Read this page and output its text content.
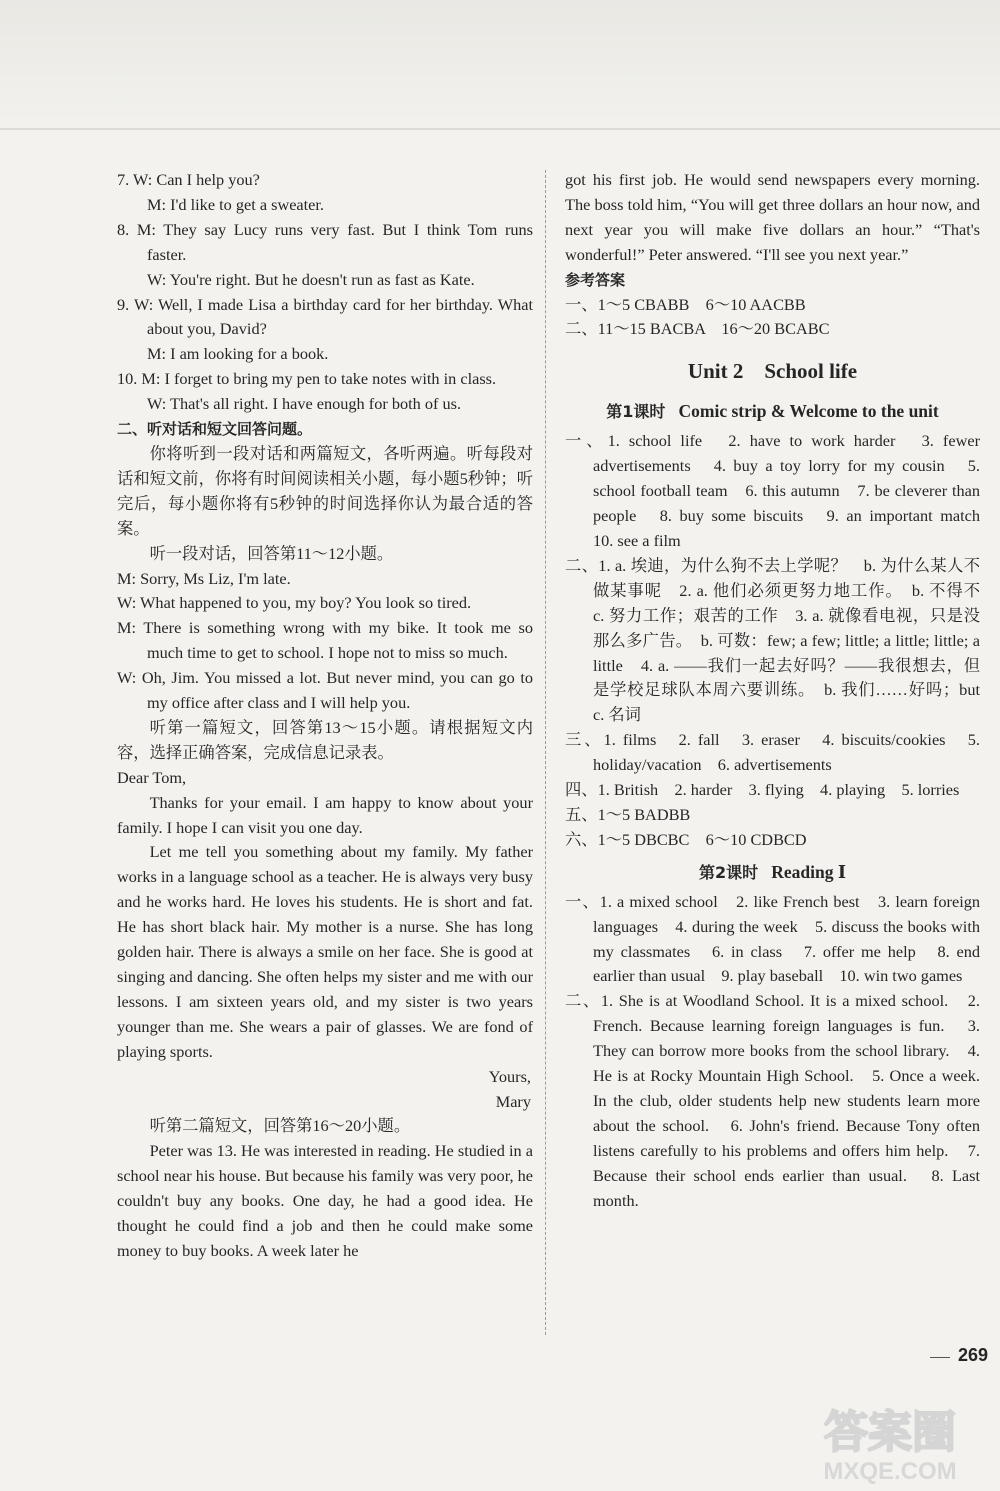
7. W: Can I help you?

M: I'd like to get a sweater.

8. M: They say Lucy runs very fast. But I think Tom runs faster.

W: You're right. But he doesn't run as fast as Kate.

9. W: Well, I made Lisa a birthday card for her birthday. What about you, David?

M: I am looking for a book.

10. M: I forget to bring my pen to take notes with in class.

W: That's all right. I have enough for both of us.

二、听对话和短文回答问题。

你将听到一段对话和两篇短文，各听两遍。听每段对话和短文前，你将有时间阅读相关小题，每小题5秒钟；听完后，每小题你将有5秒钟的时间选择你认为最合适的答案。

听一段对话，回答第11～12小题。

M: Sorry, Ms Liz, I'm late.

W: What happened to you, my boy? You look so tired.

M: There is something wrong with my bike. It took me so much time to get to school. I hope not to miss so much.

W: Oh, Jim. You missed a lot. But never mind, you can go to my office after class and I will help you.

听第一篇短文，回答第13～15小题。请根据短文内容，选择正确答案，完成信息记录表。

Dear Tom,

Thanks for your email. I am happy to know about your family. I hope I can visit you one day.

Let me tell you something about my family. My father works in a language school as a teacher. He is always very busy and he works hard. He loves his students. He is short and fat. He has short black hair. My mother is a nurse. She has long golden hair. There is always a smile on her face. She is good at singing and dancing. She often helps my sister and me with our lessons. I am sixteen years old, and my sister is two years younger than me. She wears a pair of glasses. We are fond of playing sports.

Yours,

Mary

听第二篇短文，回答第16～20小题。

Peter was 13. He was interested in reading. He studied in a school near his house. But because his family was very poor, he couldn't buy any books. One day, he had a good idea. He thought he could find a job and then he could make some money to buy books. A week later he

got his first job. He would send newspapers every morning. The boss told him, “You will get three dollars an hour now, and next year you will make five dollars an hour.” “That's wonderful!” Peter answered. “I'll see you next year.”

参考答案

一、1～5 CBABB　6～10 AACBB

二、11～15 BACBA　16～20 BCABC

Unit 2　School life

第1课时 Comic strip & Welcome to the unit

一、1. school life　2. have to work harder　3. fewer advertisements　4. buy a toy lorry for my cousin　5. school football team　6. this autumn　7. be cleverer than people　8. buy some biscuits　9. an important match　10. see a film

二、1. a. 埃迪，为什么狗不去上学呢？　b. 为什么某人不做某事呢　2. a. 他们必须更努力地工作。　b. 不得不　c. 努力工作；艰苦的工作　3. a. 就像看电视，只是没那么多广告。　b. 可数：few; a few; little; a little; little; a little　4. a. ——我们一起去好吗？——我很想去，但是学校足球队本周六要训练。　b. 我们……好吗；but　c. 名词

三、1. films　2. fall　3. eraser　4. biscuits/cookies　5. holiday/vacation　6. advertisements

四、1. British　2. harder　3. flying　4. playing　5. lorries

五、1～5 BADBB

六、1～5 DBCBC　6～10 CDBCD

第2课时 Reading Ⅰ

一、1. a mixed school　2. like French best　3. learn foreign languages　4. during the week　5. discuss the books with my classmates　6. in class　7. offer me help　8. end earlier than usual　9. play baseball　10. win two games

二、1. She is at Woodland School. It is a mixed school.　2. French. Because learning foreign languages is fun.　3. They can borrow more books from the school library.　4. He is at Rocky Mountain High School.　5. Once a week. In the club, older students help new students learn more about the school.　6. John's friend. Because Tony often listens carefully to his problems and offers him help.　7. Because their school ends earlier than usual.　8. Last month.

269
答案圈
MXQE.COM
